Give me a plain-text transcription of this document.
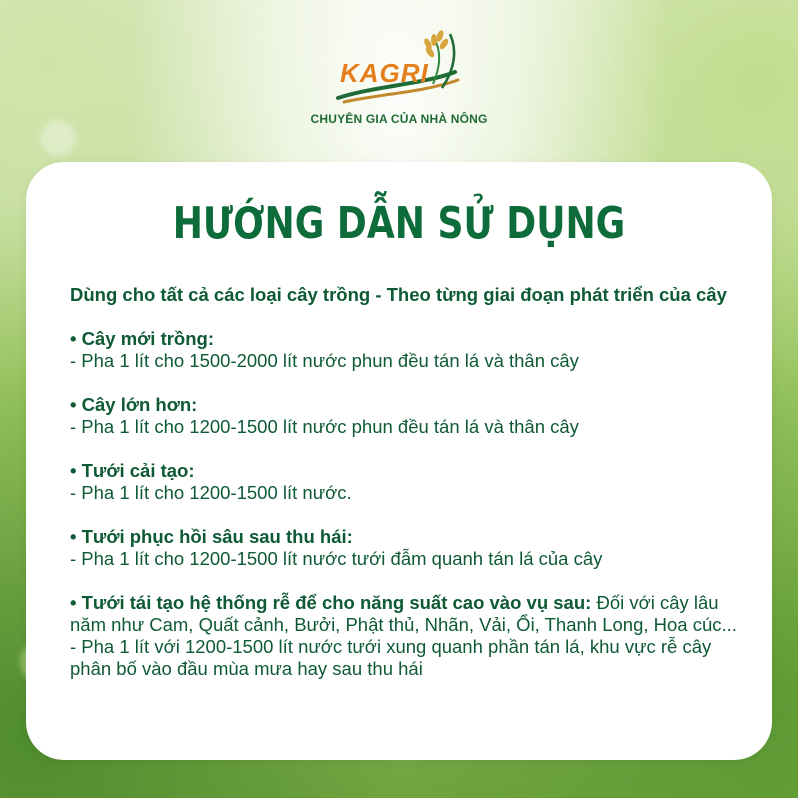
KAGRI
CHUYÊN GIA CỦA NHÀ NÔNG
HƯỚNG DẪN SỬ DỤNG
Dùng cho tất cả các loại cây trồng - Theo từng giai đoạn phát triển của cây
• Cây mới trồng:
- Pha 1 lít cho 1500-2000 lít nước phun đều tán lá và thân cây
• Cây lớn hơn:
- Pha 1 lít cho 1200-1500 lít nước phun đều tán lá và thân cây
• Tưới cải tạo:
- Pha 1 lít cho 1200-1500 lít nước.
• Tưới phục hồi sâu sau thu hái:
- Pha 1 lít cho 1200-1500 lít nước tưới đẫm quanh tán lá của cây
• Tưới tái tạo hệ thống rễ để cho năng suất cao vào vụ sau: Đối với cây lâu năm như Cam, Quất cảnh, Bưởi, Phật thủ, Nhãn, Vải, Ổi, Thanh Long, Hoa cúc...
- Pha 1 lít với 1200-1500 lít nước tưới xung quanh phần tán lá, khu vực rễ cây phân bố vào đầu mùa mưa hay sau thu hái
